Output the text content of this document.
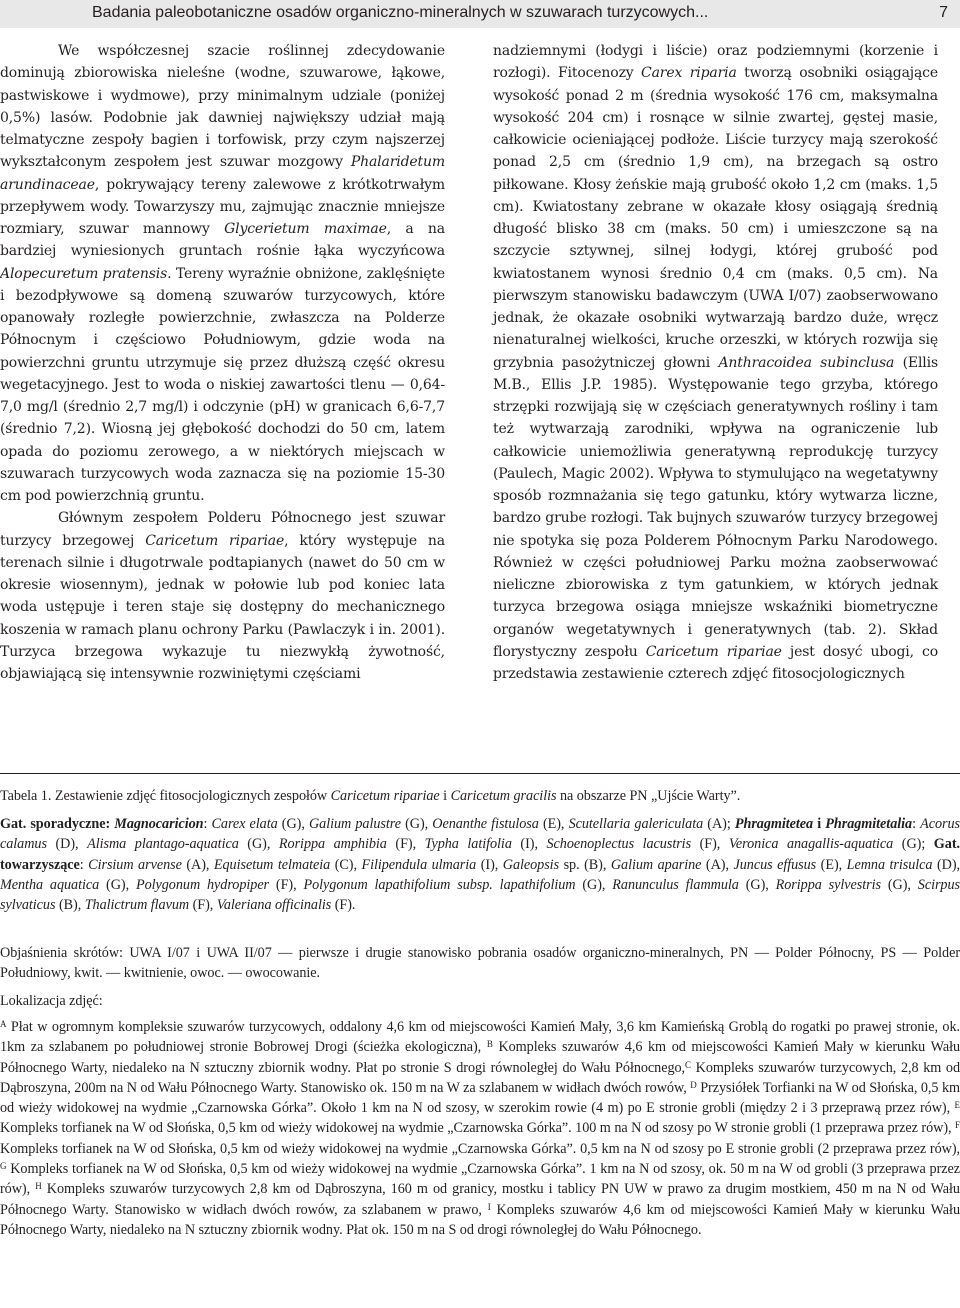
Badania paleobotaniczne osadów organiczno-mineralnych w szuwarach turzycowych...	7

We współczesnej szacie roślinnej zdecydowanie dominują zbiorowiska nieleśne (wodne, szuwarowe, łąkowe, pastwiskowe i wydmowe), przy minimalnym udziale (poniżej 0,5%) lasów. Podobnie jak dawniej największy udział mają telmatyczne zespoły bagien i torfowisk, przy czym najszerzej wykształconym zespołem jest szuwar mozgowy Phalaridetum arundinaceae, pokrywający tereny zalewowe z krótkotrwałym przepływem wody. Towarzyszy mu, zajmując znacznie mniejsze rozmiary, szuwar mannowy Glycerietum maximae, a na bardziej wyniesionych gruntach rośnie łąka wyczyńcowa Alopecuretum pratensis. Tereny wyraźnie obniżone, zaklęśnięte i bezodpływowe są domeną szuwarów turzycowych, które opanowały rozległe powierzchnie, zwłaszcza na Polderze Północnym i częściowo Południowym, gdzie woda na powierzchni gruntu utrzymuje się przez dłuższą część okresu wegetacyjnego. Jest to woda o niskiej zawartości tlenu — 0,64-7,0 mg/l (średnio 2,7 mg/l) i odczynie (pH) w granicach 6,6-7,7 (średnio 7,2). Wiosną jej głębokość dochodzi do 50 cm, latem opada do poziomu zerowego, a w niektórych miejscach w szuwarach turzycowych woda zaznacza się na poziomie 15-30 cm pod powierzchnią gruntu.

Głównym zespołem Polderu Północnego jest szuwar turzycy brzegowej Caricetum ripariae, który występuje na terenach silnie i długotrwale podtapianych (nawet do 50 cm w okresie wiosennym), jednak w połowie lub pod koniec lata woda ustępuje i teren staje się dostępny do mechanicznego koszenia w ramach planu ochrony Parku (Pawlaczyk i in. 2001). Turzyca brzegowa wykazuje tu niezwykłą żywotność, objawiającą się intensywnie rozwiniętymi częściami

nadziemnymi (łodygi i liście) oraz podziemnymi (korzenie i rozłogi). Fitocenozy Carex riparia tworzą osobniki osiągające wysokość ponad 2 m (średnia wysokość 176 cm, maksymalna wysokość 204 cm) i rosnące w silnie zwartej, gęstej masie, całkowicie ocieniającej podłoże. Liście turzycy mają szerokość ponad 2,5 cm (średnio 1,9 cm), na brzegach są ostro piłkowane. Kłosy żeńskie mają grubość około 1,2 cm (maks. 1,5 cm). Kwiatostany zebrane w okazałe kłosy osiągają średnią długość blisko 38 cm (maks. 50 cm) i umieszczone są na szczycie sztywnej, silnej łodygi, której grubość pod kwiatostanem wynosi średnio 0,4 cm (maks. 0,5 cm). Na pierwszym stanowisku badawczym (UWA I/07) zaobserwowano jednak, że okazałe osobniki wytwarzają bardzo duże, wręcz nienaturalnej wielkości, kruche orzeszki, w których rozwija się grzybnia pasożytniczej głowni Anthracoidea subinclusa (Ellis M.B., Ellis J.P. 1985). Występowanie tego grzyba, którego strzępki rozwijają się w częściach generatywnych rośliny i tam też wytwarzają zarodniki, wpływa na ograniczenie lub całkowicie uniemożliwia generatywną reprodukcję turzycy (Paulech, Magic 2002). Wpływa to stymulująco na wegetatywny sposób rozmnażania się tego gatunku, który wytwarza liczne, bardzo grube rozłogi. Tak bujnych szuwarów turzycy brzegowej nie spotyka się poza Polderem Północnym Parku Narodowego. Również w części południowej Parku można zaobserwować nieliczne zbiorowiska z tym gatunkiem, w których jednak turzyca brzegowa osiąga mniejsze wskaźniki biometryczne organów wegetatywnych i generatywnych (tab. 2). Skład florystyczny zespołu Caricetum ripariae jest dosyć ubogi, co przedstawia zestawienie czterech zdjęć fitosocjologicznych

Tabela 1. Zestawienie zdjęć fitosocjologicznych zespołów Caricetum ripariae i Caricetum gracilis na obszarze PN „Ujście Warty”.

Gat. sporadyczne: Magnocaricion: Carex elata (G), Galium palustre (G), Oenanthe fistulosa (E), Scutellaria galericulata (A); Phragmitetea i Phragmitetalia: Acorus calamus (D), Alisma plantago-aquatica (G), Rorippa amphibia (F), Typha latifolia (I), Schoenoplectus lacustris (F), Veronica anagallis-aquatica (G); Gat. towarzyszące: Cirsium arvense (A), Equisetum telmateia (C), Filipendula ulmaria (I), Galeopsis sp. (B), Galium aparine (A), Juncus effusus (E), Lemna trisulca (D), Mentha aquatica (G), Polygonum hydropiper (F), Polygonum lapathifolium subsp. lapathifolium (G), Ranunculus flammula (G), Rorippa sylvestris (G), Scirpus sylvaticus (B), Thalictrum flavum (F), Valeriana officinalis (F).

Objaśnienia skrótów: UWA I/07 i UWA II/07 — pierwsze i drugie stanowisko pobrania osadów organiczno-mineralnych, PN — Polder Północny, PS — Polder Południowy, kwit. — kwitnienie, owoc. — owocowanie.

Lokalizacja zdjęć:

$^A$ Płat w ogromnym kompleksie szuwarów turzycowych, oddalony 4,6 km od miejscowości Kamień Mały, 3,6 km Kamieńską Groblą do rogatki po prawej stronie, ok. 1km za szlabanem po południowej stronie Bobrowej Drogi (ścieżka ekologiczna), $^B$ Kompleks szuwarów 4,6 km od miejscowości Kamień Mały w kierunku Wału Północnego Warty, niedaleko na N sztuczny zbiornik wodny. Płat po stronie S drogi równoległej do Wału Północnego,$^C$ Kompleks szuwarów turzycowych, 2,8 km od Dąbroszyna, 200m na N od Wału Północnego Warty. Stanowisko ok. 150 m na W za szlabanem w widłach dwóch rowów, $^D$ Przysiółek Torfianki na W od Słońska, 0,5 km od wieży widokowej na wydmie „Czarnowska Górka”. Około 1 km na N od szosy, w szerokim rowie (4 m) po E stronie grobli (między 2 i 3 przeprawą przez rów), $^E$ Kompleks torfianek na W od Słońska, 0,5 km od wieży widokowej na wydmie „Czarnowska Górka”. 100 m na N od szosy po W stronie grobli (1 przeprawa przez rów), $^F$ Kompleks torfianek na W od Słońska, 0,5 km od wieży widokowej na wydmie „Czarnowska Górka”. 0,5 km na N od szosy po E stronie grobli (2 przeprawa przez rów), $^G$ Kompleks torfianek na W od Słońska, 0,5 km od wieży widokowej na wydmie „Czarnowska Górka”. 1 km na N od szosy, ok. 50 m na W od grobli (3 przeprawa przez rów), $^H$ Kompleks szuwarów turzycowych 2,8 km od Dąbroszyna, 160 m od granicy, mostku i tablicy PN UW w prawo za drugim mostkiem, 450 m na N od Wału Północnego Warty. Stanowisko w widłach dwóch rowów, za szlabanem w prawo, $^I$ Kompleks szuwarów 4,6 km od miejscowości Kamień Mały w kierunku Wału Północnego Warty, niedaleko na N sztuczny zbiornik wodny. Płat ok. 150 m na S od drogi równoległej do Wału Północnego.
